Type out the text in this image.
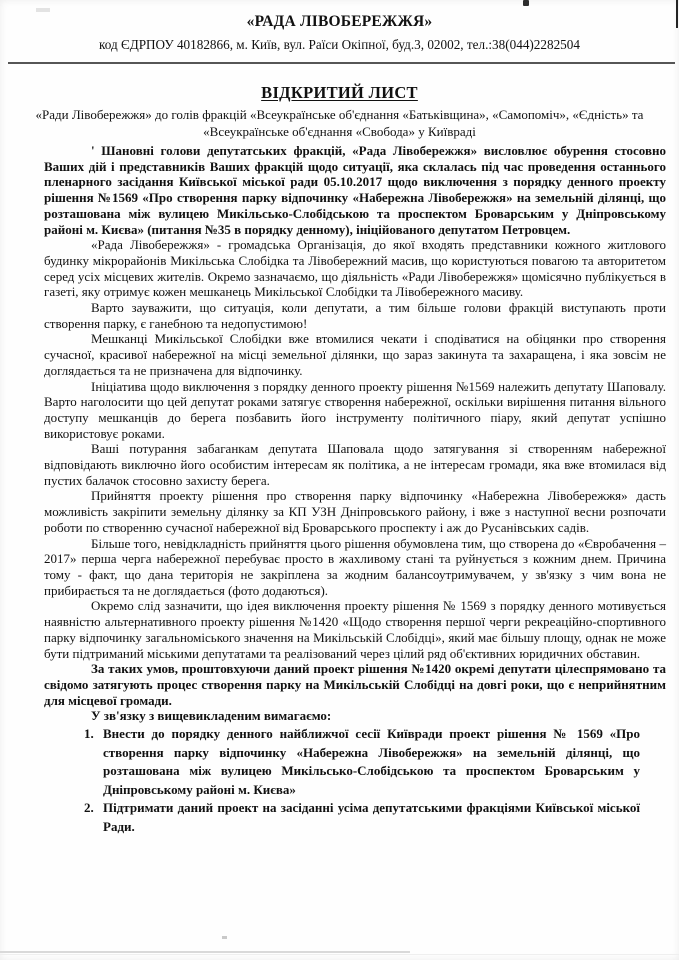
«РАДА ЛІВОБЕРЕЖЖЯ»
код ЄДРПОУ 40182866, м. Київ, вул. Раїси Окіпної, буд.3, 02002, тел.:38(044)2282504
ВІДКРИТИЙ ЛИСТ

«Ради Лівобережжя» до голів фракцій «Всеукраїнське об'єднання «Батьківщина», «Самопоміч», «Єдність» та «Всеукраїнське об'єднання «Свобода» у Київраді

' Шановні голови депутатських фракцій, «Рада Лівобережжя» висловлює обурення стосовно Ваших дій і представників Ваших фракцій щодо ситуації, яка склалась під час проведення останнього пленарного засідання Київської міської ради 05.10.2017 щодо виключення з порядку денного проекту рішення №1569 «Про створення парку відпочинку «Набережна Лівобережжя» на земельній ділянці, що розташована між вулицею Микільсько-Слобідською та проспектом Броварським у Дніпровському районі м. Києва» (питання №35 в порядку денному), ініційованого депутатом Петровцем.

«Рада Лівобережжя» - громадська Організація, до якої входять представники кожного житлового будинку мікрорайонів Микільська Слобідка та Лівобережний масив, що користуються повагою та авторитетом серед усіх місцевих жителів. Окремо зазначаємо, що діяльність «Ради Лівобережжя» щомісячно публікується в газеті, яку отримує кожен мешканець Микільської Слобідки та Лівобережного масиву.

Варто зауважити, що ситуація, коли депутати, а тим більше голови фракцій виступають проти створення парку, є ганебною та недопустимою!

Мешканці Микільської Слобідки вже втомилися чекати і сподіватися на обіцянки про створення сучасної, красивої набережної на місці земельної ділянки, що зараз закинута та захаращена, і яка зовсім не доглядається та не призначена для відпочинку.

Ініціатива щодо виключення з порядку денного проекту рішення №1569 належить депутату Шаповалу. Варто наголосити що цей депутат роками затягує створення набережної, оскільки вирішення питання вільного доступу мешканців до берега позбавить його інструменту політичного піару, який депутат успішно використовує роками.

Ваші потурання забаганкам депутата Шаповала щодо затягування зі створенням набережної відповідають виключно його особистим інтересам як політика, а не інтересам громади, яка вже втомилася від пустих балачок стосовно захисту берега.

Прийняття проекту рішення про створення парку відпочинку «Набережна Лівобережжя» дасть можливість закріпити земельну ділянку за КП УЗН Дніпровського району, і вже з наступної весни розпочати роботи по створенню сучасної набережної від Броварського проспекту і аж до Русанівських садів.

Більше того, невідкладність прийняття цього рішення обумовлена тим, що створена до «Євробачення – 2017» перша черга набережної перебуває просто в жахливому стані та руйнується з кожним днем. Причина тому - факт, що дана територія не закріплена за жодним балансоутримувачем, у зв'язку з чим вона не прибирається та не доглядається (фото додаються).

Окремо слід зазначити, що ідея виключення проекту рішення № 1569 з порядку денного мотивується наявністю альтернативного проекту рішення №1420 «Щодо створення першої черги рекреаційно-спортивного парку відпочинку загальноміського значення на Микільській Слобідці», який має більшу площу, однак не може бути підтриманий міськими депутатами та реалізований через цілий ряд об'єктивних юридичних обставин.

За таких умов, проштовхуючи даний проект рішення №1420 окремі депутати цілеспрямовано та свідомо затягують процес створення парку на Микільській Слобідці на довгі роки, що є неприйнятним для місцевої громади.

У зв'язку з вищевикладеним вимагаємо:

1. Внести до порядку денного найближчої сесії Київради проект рішення № 1569 «Про створення парку відпочинку «Набережна Лівобережжя» на земельній ділянці, що розташована між вулицею Микільсько-Слобідською та проспектом Броварським у Дніпровському районі м. Києва»
2. Підтримати даний проект на засіданні усіма депутатськими фракціями Київської міської Ради.
